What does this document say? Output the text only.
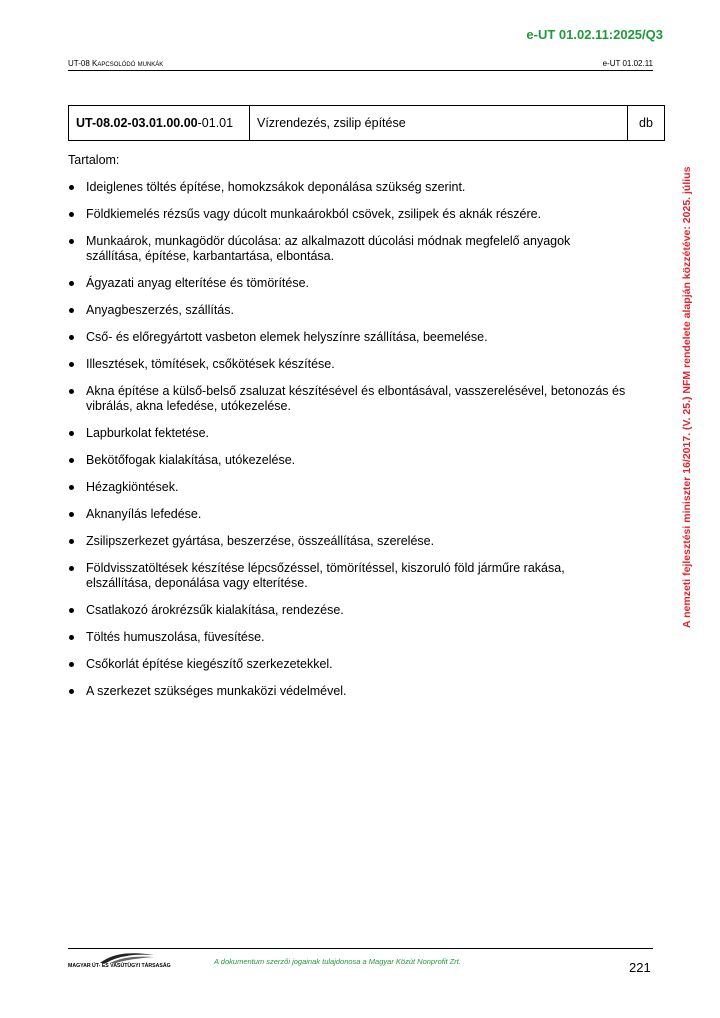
e-UT 01.02.11:2025/Q3
UT-08 Kapcsolódó munkák	e-UT 01.02.11
A nemzeti fejlesztési miniszter 16/2017. (V. 25.) NFM rendelete alapján közzétéve: 2025. július
UT-08.02-03.01.00.00-01.01	Vízrendezés, zsilip építése	db
Tartalom:
Ideiglenes töltés építése, homokzsákok deponálása szükség szerint.
Földkiemelés rézsűs vagy dúcolt munkaárokból csövek, zsilipek és aknák részére.
Munkaárok, munkagödör dúcolása: az alkalmazott dúcolási módnak megfelelő anyagok szállítása, építése, karbantartása, elbontása.
Ágyazati anyag elterítése és tömörítése.
Anyagbeszerzés, szállítás.
Cső- és előregyártott vasbeton elemek helyszínre szállítása, beemelése.
Illesztések, tömítések, csőkötések készítése.
Akna építése a külső-belső zsaluzat készítésével és elbontásával, vasszerelésével, betonozás és vibrálás, akna lefedése, utókezelése.
Lapburkolat fektetése.
Bekötőfogak kialakítása, utókezelése.
Hézagkiöntések.
Aknanyílás lefedése.
Zsilipszerkezet gyártása, beszerzése, összeállítása, szerelése.
Földvisszatöltések készítése lépcsőzéssel, tömörítéssel, kiszoruló föld járműre rakása, elszállítása, deponálása vagy elterítése.
Csatlakozó árokrézsűk kialakítása, rendezése.
Töltés humuszolása, füvesítése.
Csőkorlát építése kiegészítő szerkezetekkel.
A szerkezet szükséges munkaközi védelmével.
MAGYAR ÚT- ÉS VASÚTÜGYI TÁRSASÁG	A dokumentum szerzői jogainak tulajdonosa a Magyar Közút Nonprofit Zrt.	221
